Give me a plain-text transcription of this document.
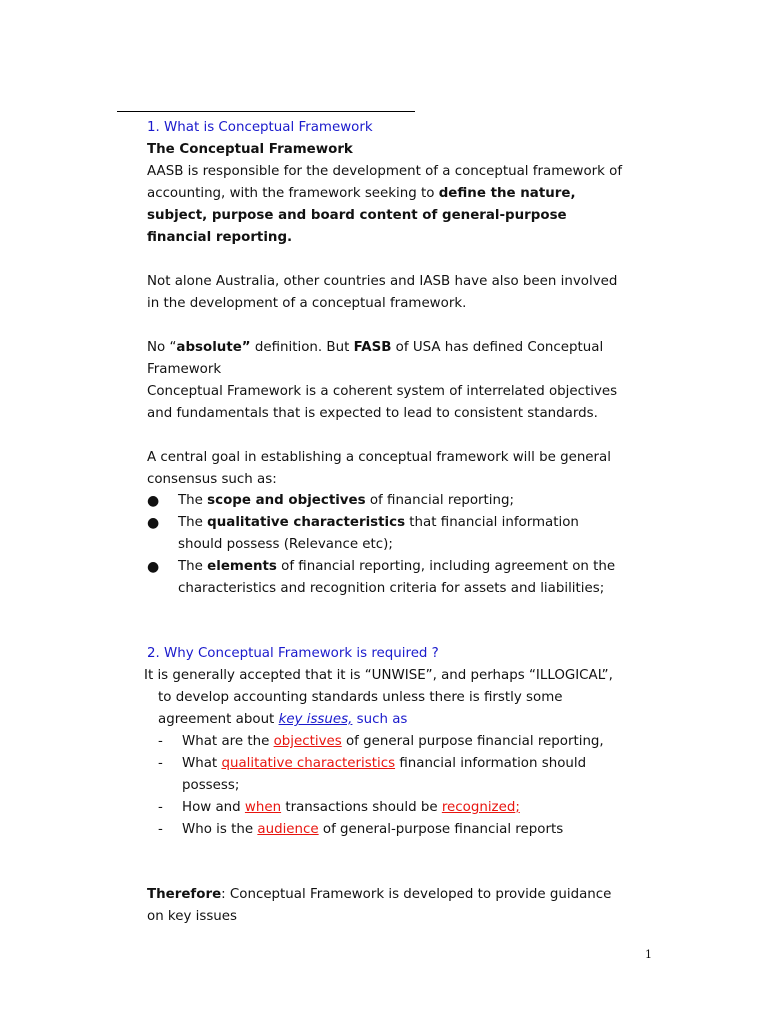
1. What is Conceptual Framework

The Conceptual Framework

AASB is responsible for the development of a conceptual framework of

accounting, with the framework seeking to define the nature,

subject, purpose and board content of general-purpose

financial reporting.

Not alone Australia, other countries and IASB have also been involved

in the development of a conceptual framework.

No “absolute” definition. But FASB of USA has defined Conceptual

Framework

Conceptual Framework is a coherent system of interrelated objectives

and fundamentals that is expected to lead to consistent standards.

A central goal in establishing a conceptual framework will be general

consensus such as:

● The scope and objectives of financial reporting;
● The qualitative characteristics that financial information

should possess (Relevance etc);

● The elements of financial reporting, including agreement on the

characteristics and recognition criteria for assets and liabilities;

2. Why Conceptual Framework is required ?

It is generally accepted that it is “UNWISE”, and perhaps “ILLOGICAL”,

to develop accounting standards unless there is firstly some

agreement about key issues, such as

- What are the objectives of general purpose financial reporting,
- What qualitative characteristics financial information should

possess;

- How and when transactions should be recognized;
- Who is the audience of general-purpose financial reports

Therefore: Conceptual Framework is developed to provide guidance

on key issues

1
